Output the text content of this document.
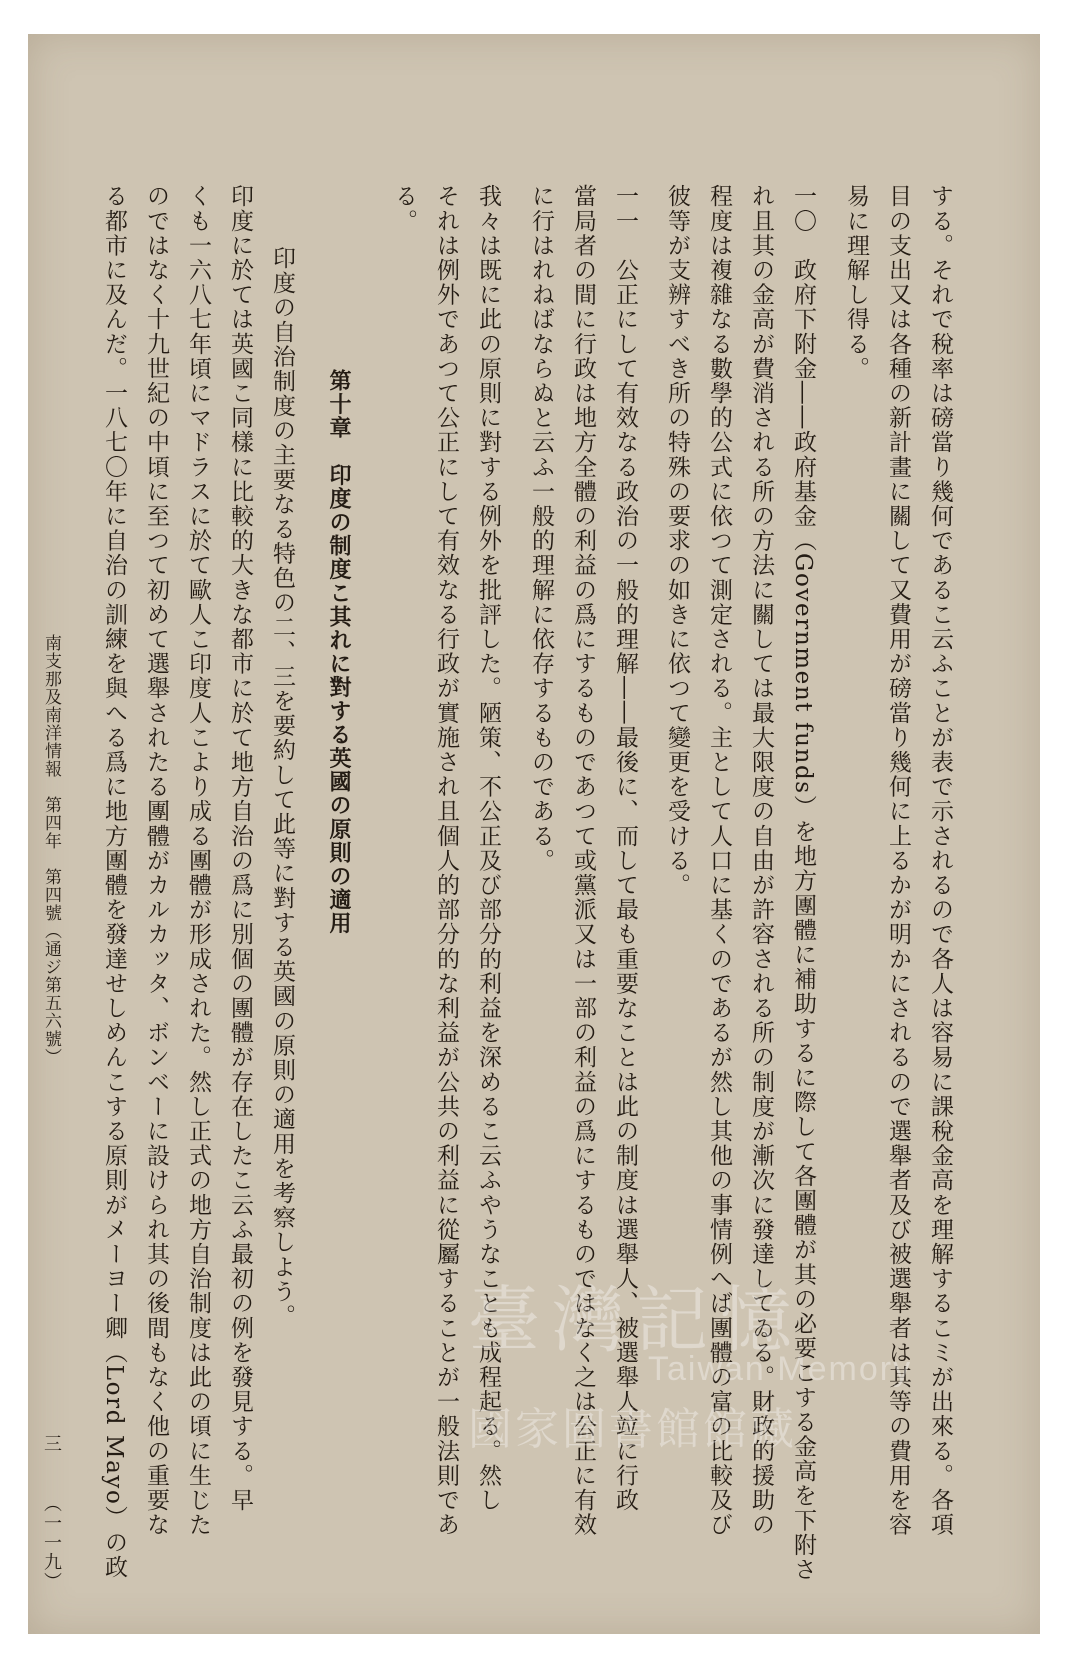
する。それで稅率は磅當り幾何であるこ云ふことが表で示されるので各人は容易に課稅金高を理解するこミが出來る。各項
目の支出又は各種の新計畫に關して又費用が磅當り幾何に上るかが明かにされるので選舉者及び被選舉者は其等の費用を容
易に理解し得る。
一〇　政府下附金――政府基金（Government funds）を地方團體に補助するに際して各團體が其の必要こする金高を下附さ
れ且其の金高が費消される所の方法に關しては最大限度の自由が許容される所の制度が漸次に發達してゐる。財政的援助の
程度は複雜なる數學的公式に依つて測定される。主として人口に基くのであるが然し其他の事情例へば團體の富の比較及び
彼等が支辨すべき所の特殊の要求の如きに依つて變更を受ける。
一一　公正にして有效なる政治の一般的理解――最後に、而して最も重要なことは此の制度は選舉人、被選舉人竝に行政
當局者の間に行政は地方全體の利益の爲にするものであつて或黨派又は一部の利益の爲にするものではなく之は公正に有效
に行はれねばならぬと云ふ一般的理解に依存するものである。
我々は既に此の原則に對する例外を批評した。陋策、不公正及び部分的利益を深めるこ云ふやうなことも成程起る。然し
それは例外であつて公正にして有效なる行政が實施され且個人的部分的な利益が公共の利益に從屬することが一般法則であ
る。
第十章　印度の制度こ其れに對する英國の原則の適用
印度の自治制度の主要なる特色の二、三を要約して此等に對する英國の原則の適用を考察しよう。
印度に於ては英國こ同樣に比較的大きな都市に於て地方自治の爲に別個の團體が存在したこ云ふ最初の例を發見する。早
くも一六八七年頃にマドラスに於て歐人こ印度人こより成る團體が形成された。然し正式の地方自治制度は此の頃に生じた
のではなく十九世紀の中頃に至つて初めて選舉されたる團體がカルカッタ、ボンベーに設けられ其の後間もなく他の重要な
る都市に及んだ。一八七〇年に自治の訓練を與へる爲に地方團體を發達せしめんこする原則がメーヨー卿（Lord Mayo）の政
南支那及南洋情報　第四年　第四號（通ジ第五六號）
三
（一一九）
臺灣記憶
Taiwan Memory
國家圖書館館藏
